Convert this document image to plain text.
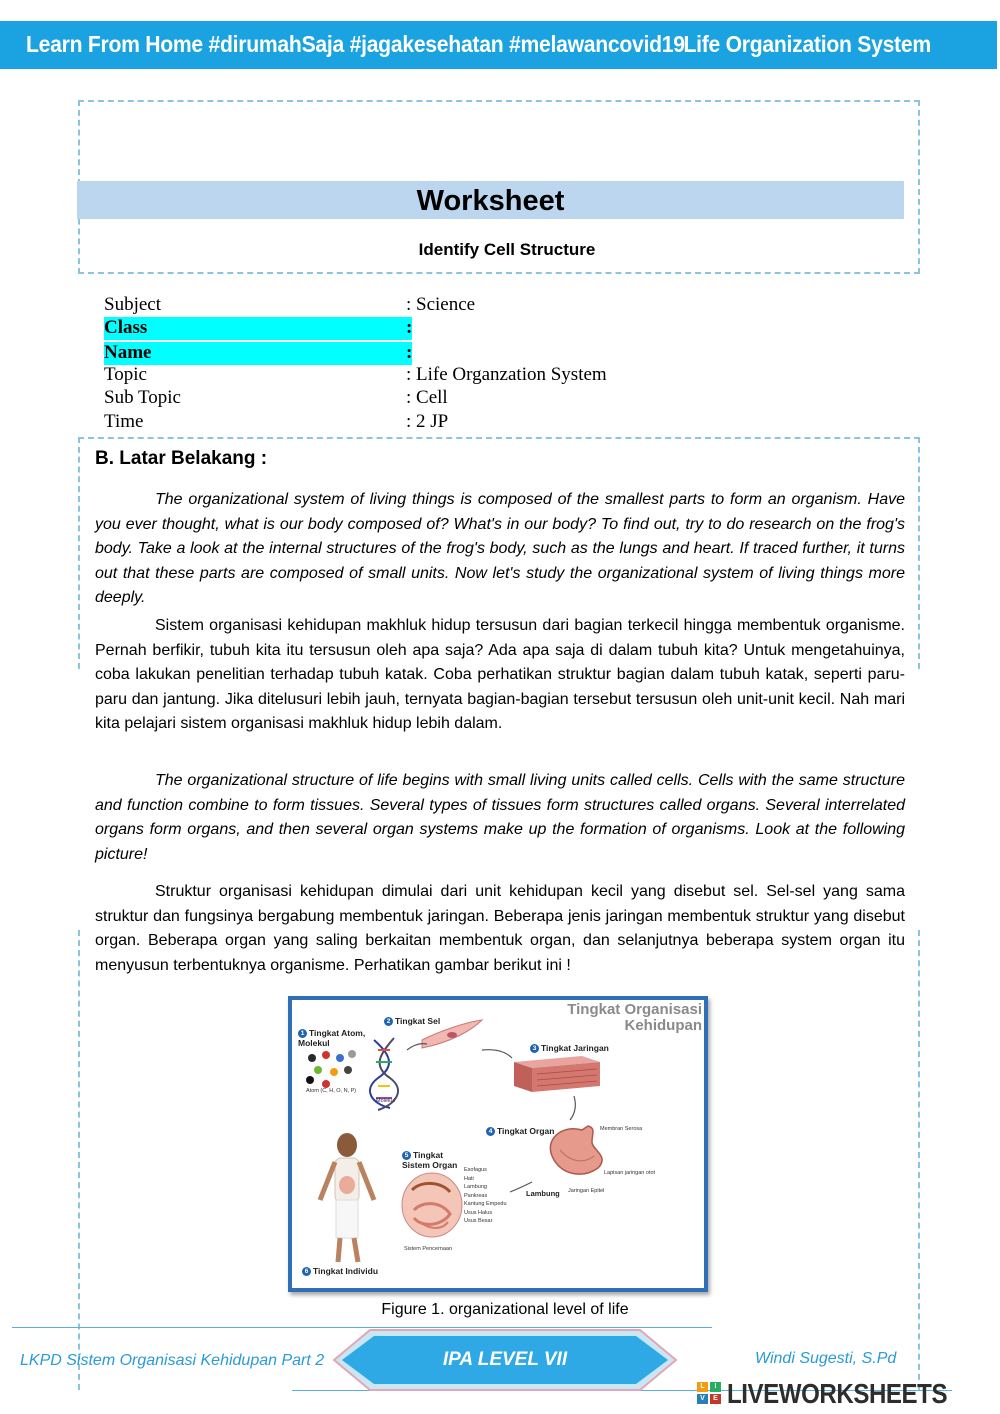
Learn From Home #dirumahSaja #jagakesehatan #melawancovid19
Life Organization System
Worksheet
Identify Cell Structure
Subject	: Science
Class	:
Name	:
Topic	: Life Organzation System
Sub Topic	: Cell
Time	: 2 JP
B. Latar Belakang :

The organizational system of living things is composed of the smallest parts to form an organism. Have you ever thought, what is our body composed of? What's in our body? To find out, try to do research on the frog's body. Take a look at the internal structures of the frog's body, such as the lungs and heart. If traced further, it turns out that these parts are composed of small units. Now let's study the organizational system of living things more deeply.

Sistem organisasi kehidupan makhluk hidup tersusun dari bagian terkecil hingga membentuk organisme. Pernah berfikir, tubuh kita itu tersusun oleh apa saja? Ada apa saja di dalam tubuh kita? Untuk mengetahuinya, coba lakukan penelitian terhadap tubuh katak. Coba perhatikan struktur bagian dalam tubuh katak, seperti paru-paru dan jantung. Jika ditelusuri lebih jauh, ternyata bagian-bagian tersebut tersusun oleh unit-unit kecil. Nah mari kita pelajari sistem organisasi makhluk hidup lebih dalam.

The organizational structure of life begins with small living units called cells. Cells with the same structure and function combine to form tissues. Several types of tissues form structures called organs. Several interrelated organs form organs, and then several organ systems make up the formation of organisms. Look at the following picture!

Struktur organisasi kehidupan dimulai dari unit kehidupan kecil yang disebut sel. Sel-sel yang sama struktur dan fungsinya bergabung membentuk jaringan. Beberapa jenis jaringan membentuk struktur yang disebut organ. Beberapa organ yang saling berkaitan membentuk organ, dan selanjutnya beberapa system organ itu menyusun terbentuknya organisme. Perhatikan gambar berikut ini !

Tingkat Organisasi
Kehidupan
1 Tingkat Atom, Molekul
2 Tingkat Sel
3 Tingkat Jaringan
4 Tingkat Organ
5 Tingkat Sistem Organ
6 Tingkat Individu
Atom (C, H, O, N, P)
Molekul
Lambung
Membran Serosa
Lapisan jaringan otot
Jaringan Epitel
Esofagus
Hati
Lambung
Pankreas
Kantung Empedu
Usus Halus
Usus Besar
Sistem Pencernaan
Figure 1. organizational level of life
LKPD Sistem Organisasi Kehidupan Part 2	Windi Sugesti, S.Pd
IPA LEVEL VII
L	I
V	E LIVEWORKSHEETS
